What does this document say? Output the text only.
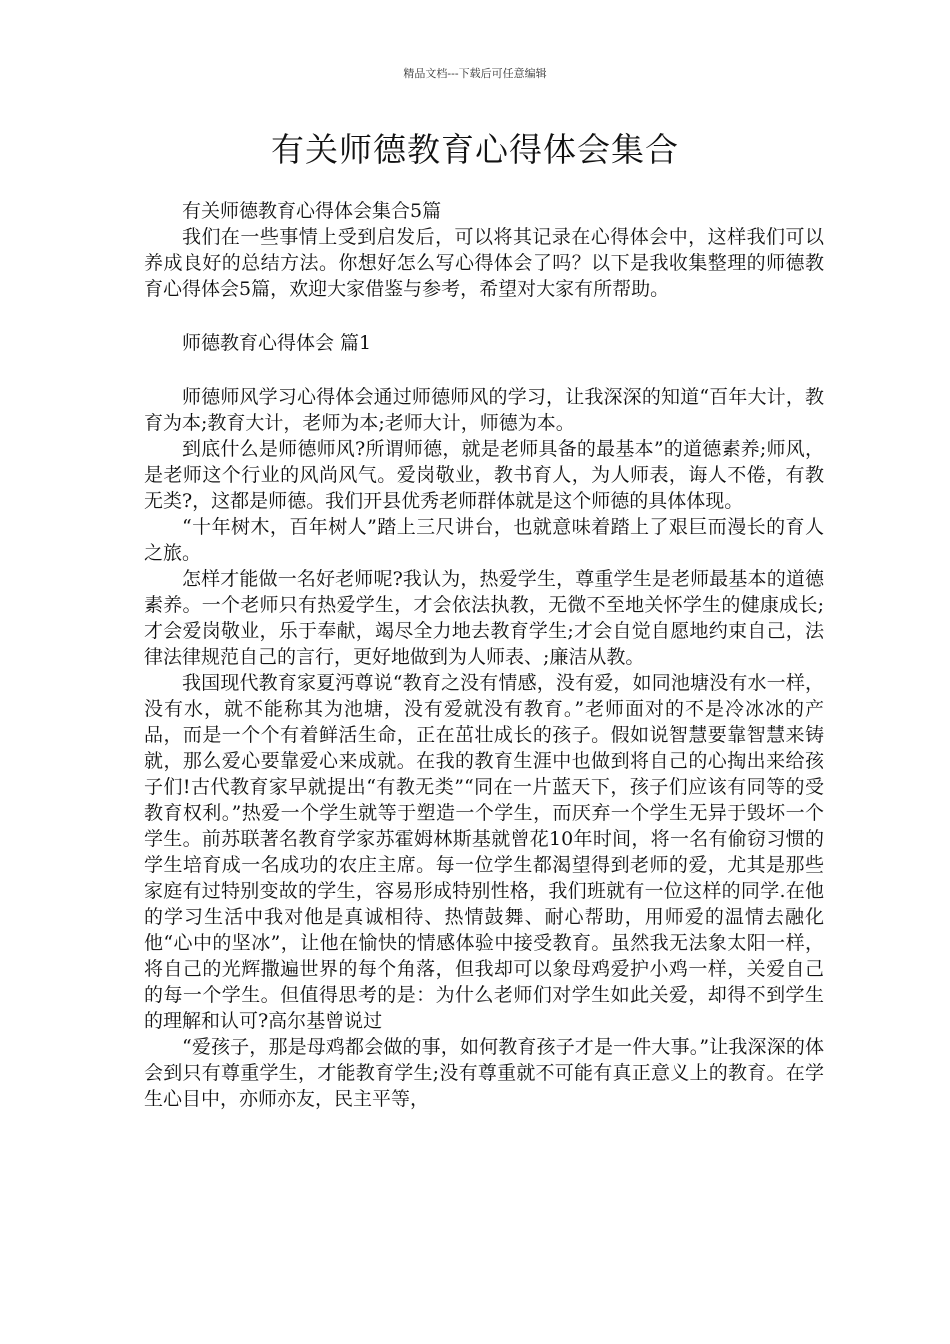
精品文档---下载后可任意编辑
有关师德教育心得体会集合

有关师德教育心得体会集合5篇

我们在一些事情上受到启发后，可以将其记录在心得体会中，这样我们可以养成良好的总结方法。你想好怎么写心得体会了吗？以下是我收集整理的师德教育心得体会5篇，欢迎大家借鉴与参考，希望对大家有所帮助。

师德教育心得体会 篇1

师德师风学习心得体会通过师德师风的学习，让我深深的知道“百年大计，教育为本;教育大计，老师为本;老师大计，师德为本。

到底什么是师德师风?所谓师德，就是老师具备的最基本”的道德素养;师风，是老师这个行业的风尚风气。爱岗敬业，教书育人，为人师表，诲人不倦，有教无类?，这都是师德。我们开县优秀老师群体就是这个师德的具体体现。

“十年树木，百年树人”踏上三尺讲台，也就意味着踏上了艰巨而漫长的育人之旅。

怎样才能做一名好老师呢?我认为，热爱学生，尊重学生是老师最基本的道德素养。一个老师只有热爱学生，才会依法执教，无微不至地关怀学生的健康成长;才会爱岗敬业，乐于奉献，竭尽全力地去教育学生;才会自觉自愿地约束自己，法律法律规范自己的言行，更好地做到为人师表、;廉洁从教。

我国现代教育家夏沔尊说“教育之没有情感，没有爱，如同池塘没有水一样，没有水，就不能称其为池塘，没有爱就没有教育。”老师面对的不是冷冰冰的产品，而是一个个有着鲜活生命，正在茁壮成长的孩子。假如说智慧要靠智慧来铸就，那么爱心要靠爱心来成就。在我的教育生涯中也做到将自己的心掏出来给孩子们!古代教育家早就提出“有教无类”“同在一片蓝天下，孩子们应该有同等的受教育权利。”热爱一个学生就等于塑造一个学生，而厌弃一个学生无异于毁坏一个学生。前苏联著名教育学家苏霍姆林斯基就曾花10年时间，将一名有偷窃习惯的学生培育成一名成功的农庄主席。每一位学生都渴望得到老师的爱，尤其是那些家庭有过特别变故的学生，容易形成特别性格，我们班就有一位这样的同学.在他的学习生活中我对他是真诚相待、热情鼓舞、耐心帮助，用师爱的温情去融化他“心中的坚冰”，让他在愉快的情感体验中接受教育。虽然我无法象太阳一样，将自己的光辉撒遍世界的每个角落，但我却可以象母鸡爱护小鸡一样，关爱自己的每一个学生。但值得思考的是：为什么老师们对学生如此关爱，却得不到学生的理解和认可?高尔基曾说过

“爱孩子，那是母鸡都会做的事，如何教育孩子才是一件大事。”让我深深的体会到只有尊重学生，才能教育学生;没有尊重就不可能有真正意义上的教育。在学生心目中，亦师亦友，民主平等，
